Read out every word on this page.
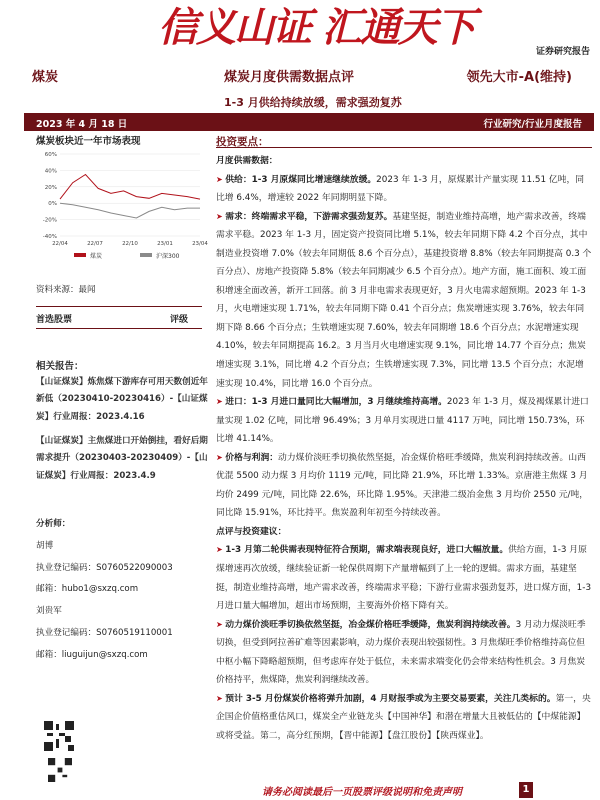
信义山证 汇通天下
证券研究报告
煤炭	煤炭月度供需数据点评	领先大市-A(维持)
1-3 月供给持续放缓，需求强劲复苏
2023 年 4 月 18 日	行业研究/行业月度报告
煤炭板块近一年市场表现
60%
40%
20%
0%
-20%
-40%
22/04	22/07	22/10	23/01	23/04
煤炭	沪深300
资料来源：最闻
首选股票	评级
相关报告：
【山证煤炭】炼焦煤下游库存可用天数创近年新低（20230410-20230416）-【山证煤炭】行业周报：2023.4.16
【山证煤炭】主焦煤进口开始倒挂，看好后期需求提升（20230403-20230409）-【山证煤炭】行业周报：2023.4.9
分析师：
胡博
执业登记编码：S0760522090003
邮箱：hubo1@sxzq.com
刘贵军
执业登记编码：S0760519110001
邮箱：liuguijun@sxzq.com
投资要点：

月度供需数据：

➤ 供给：1-3 月原煤同比增速继续放缓。2023 年 1-3 月，原煤累计产量实现 11.51 亿吨，同比增 6.4%，增速较 2022 年同期明显下降。

➤ 需求：终端需求平稳，下游需求强劲复苏。基建坚挺，制造业维持高增，地产需求改善，终端需求平稳。2023 年 1-3 月，固定资产投资同比增 5.1%，较去年同期下降 4.2 个百分点，其中制造业投资增 7.0%（较去年同期低 8.6 个百分点），基建投资增 8.8%（较去年同期提高 0.3 个百分点）、房地产投资降 5.8%（较去年同期减少 6.5 个百分点）。地产方面，施工面积、竣工面积增速全面改善，新开工回落。前 3 月非电需求表现更好，3 月火电需求超预期。2023 年 1-3 月，火电增速实现 1.71%，较去年同期下降 0.41 个百分点；焦炭增速实现 3.76%，较去年同期下降 8.66 个百分点；生铁增速实现 7.60%，较去年同期增 18.6 个百分点；水泥增速实现 4.10%，较去年同期提高 16.2。3 月当月火电增速实现 9.1%，同比增 14.77 个百分点；焦炭增速实现 3.1%，同比增 4.2 个百分点；生铁增速实现 7.3%，同比增 13.5 个百分点；水泥增速实现 10.4%，同比增 16.0 个百分点。

➤ 进口：1-3 月进口量同比大幅增加，3 月继续维持高增。2023 年 1-3 月，煤及褐煤累计进口量实现 1.02 亿吨，同比增 96.49%；3 月单月实现进口量 4117 万吨，同比增 150.73%，环比增 41.14%。

➤ 价格与利润：动力煤价淡旺季切换依然坚挺，冶金煤价格旺季缓降，焦炭利润持续改善。山西优混 5500 动力煤 3 月均价 1119 元/吨，同比降 21.9%，环比增 1.33%。京唐港主焦煤 3 月均价 2499 元/吨，同比降 22.6%，环比降 1.95%。天津港二级冶金焦 3 月均价 2550 元/吨，同比降 15.91%，环比持平。焦炭盈利年初至今持续改善。

点评与投资建议：

➤ 1-3 月第二轮供需表现特征符合预期，需求端表现良好，进口大幅放量。供给方面，1-3 月原煤增速再次放缓，继续验证新一轮保供周期下产量增幅到了上一轮的逻辑。需求方面，基建坚挺，制造业维持高增，地产需求改善，终端需求平稳；下游行业需求强劲复苏，进口煤方面，1-3 月进口量大幅增加，超出市场预期，主要海外价格下降有关。

➤ 动力煤价淡旺季切换依然坚挺，冶金煤价格旺季缓降，焦炭利润持续改善。3 月动力煤淡旺季切换，但受到阿拉善矿难等因素影响，动力煤价表现出较强韧性。3 月焦煤旺季价格维持高位但中枢小幅下降略超预期，但考虑库存处于低位，未来需求端变化仍会带来结构性机会。3 月焦炭价格持平，焦煤降，焦炭利润继续改善。

➤ 预计 3-5 月份煤炭价格将弹升加剧，4 月财报季或为主要交易要素，关注几类标的。第一，央企国企价值格重估风口，煤炭全产业链龙头【中国神华】和潜在增量大且被低估的【中煤能源】或将受益。第二，高分红预期，【晋中能源】【盘江股份】【陕西煤业】。

请务必阅读最后一页股票评级说明和免责声明	1
